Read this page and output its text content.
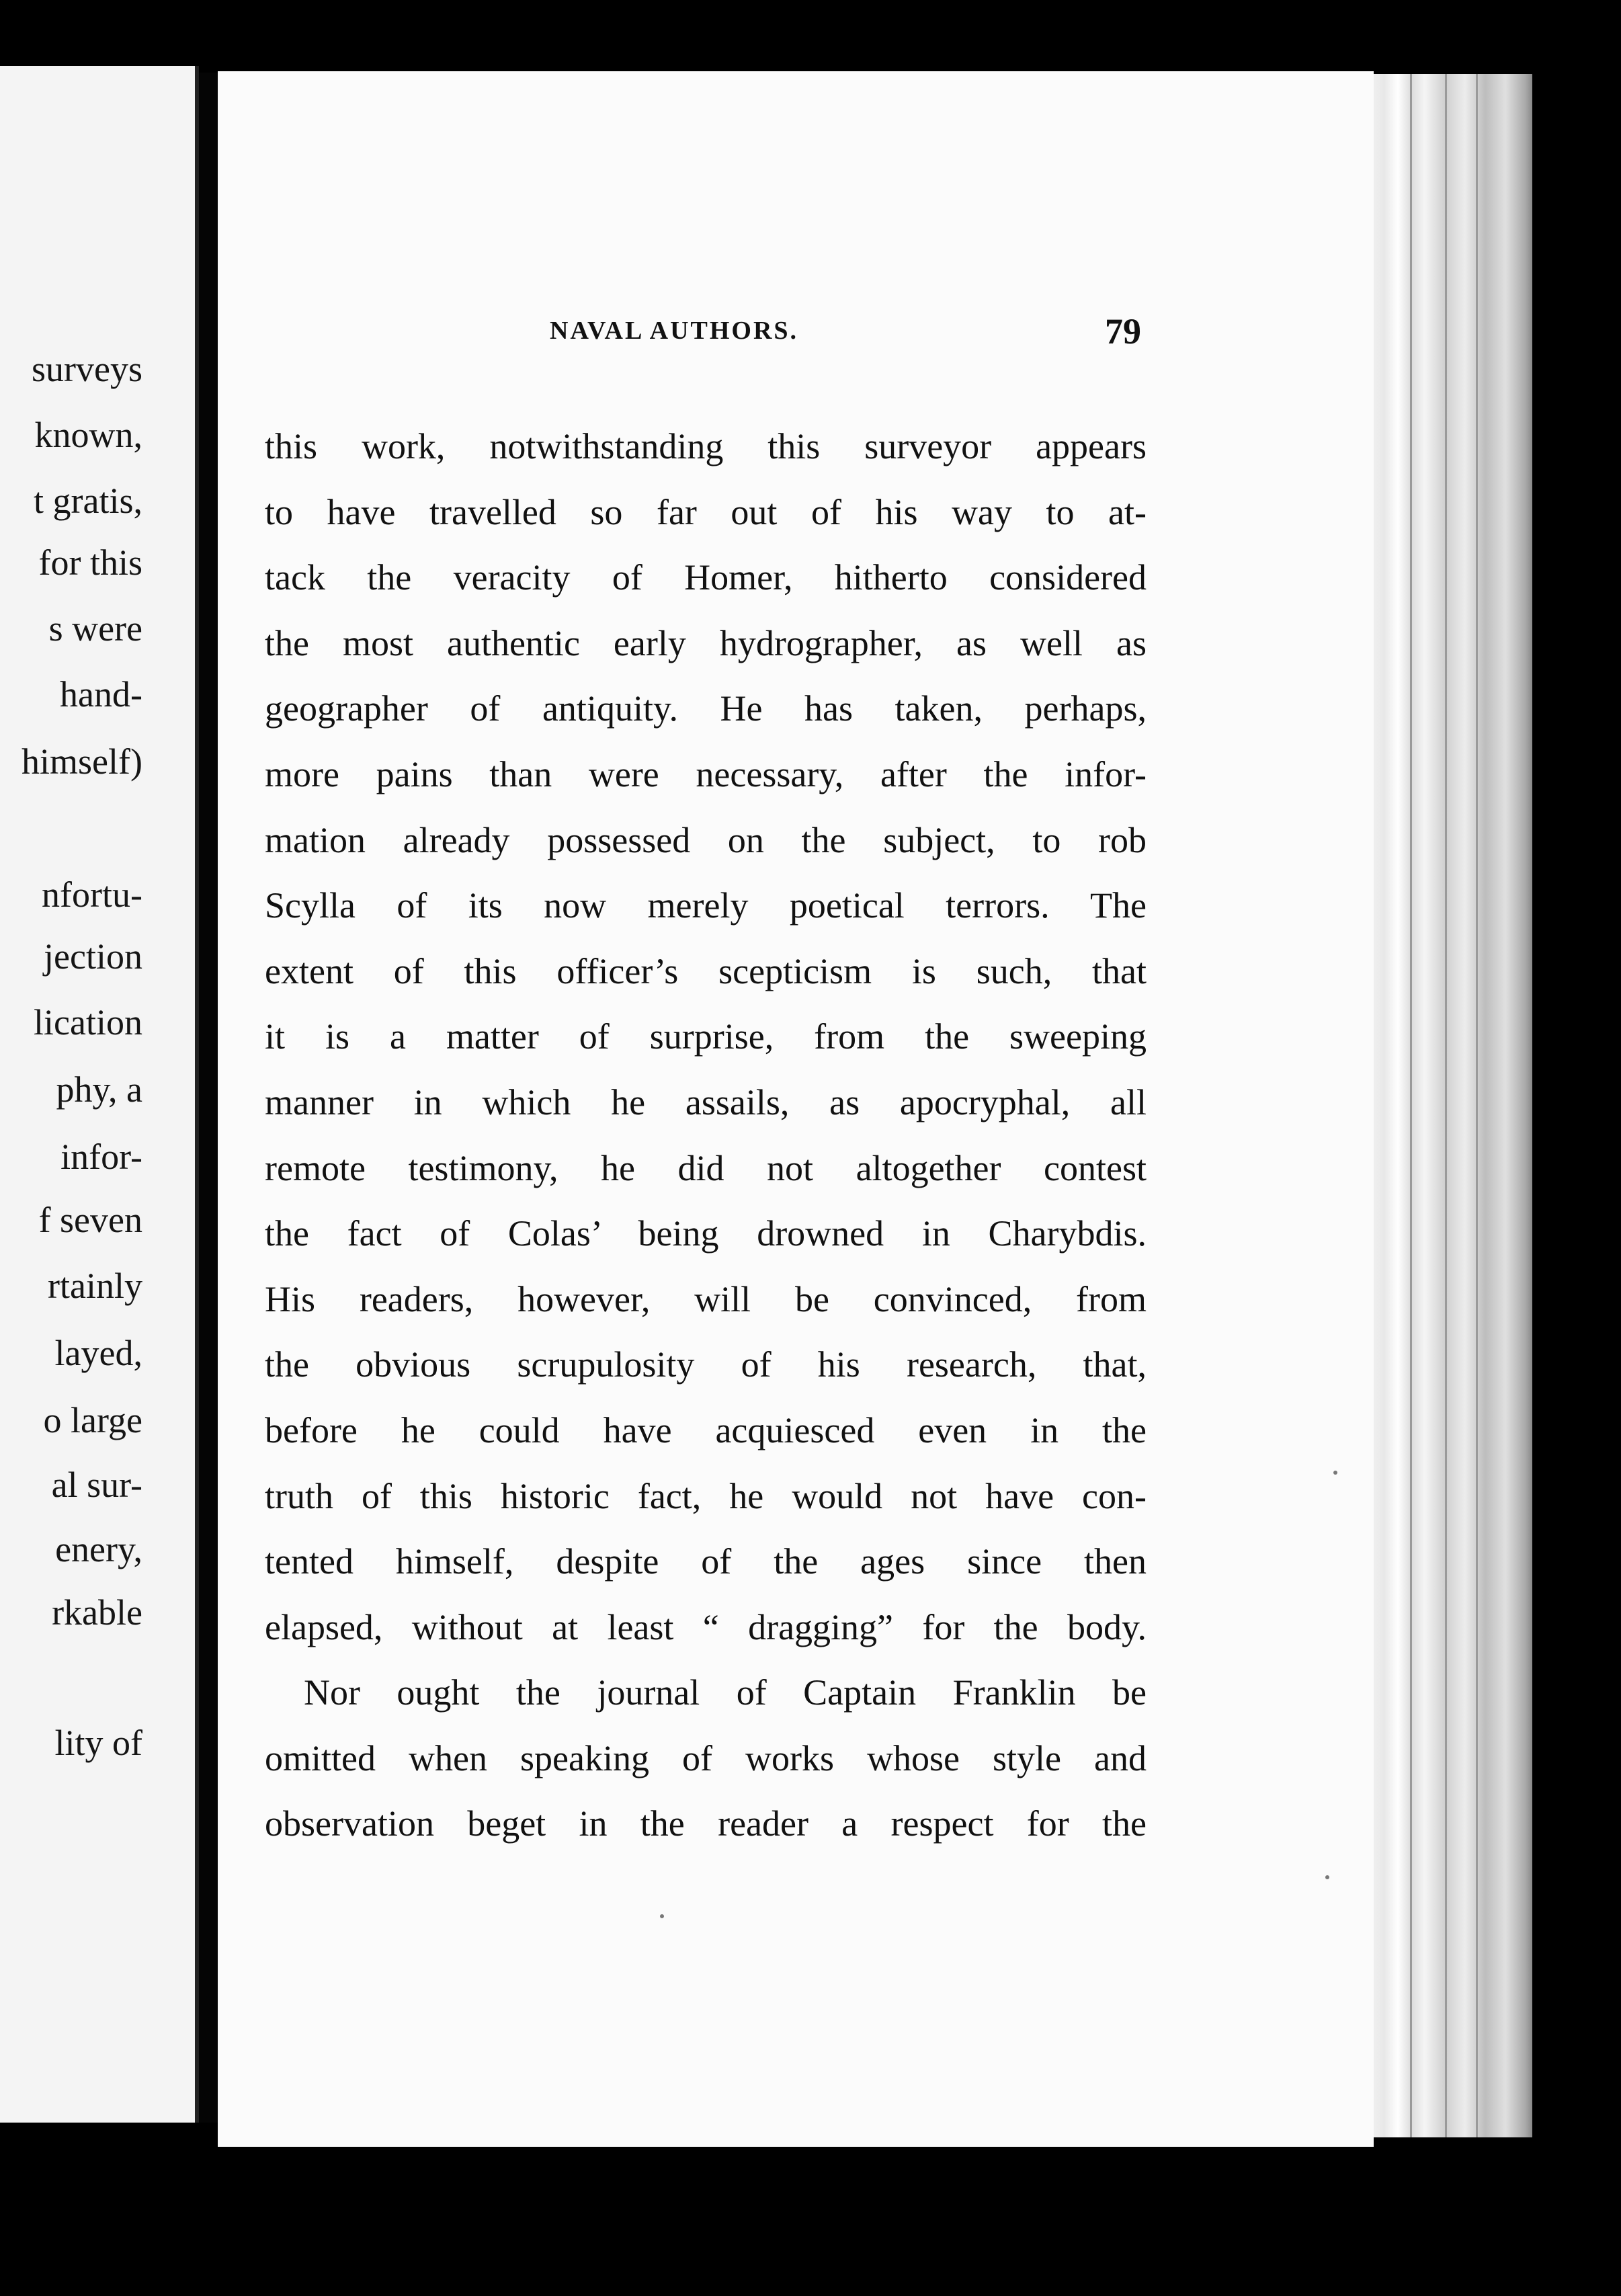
surveys
known,
t gratis,
for this
s were
hand-
himself)
nfortu-
jection
lication
phy, a
infor-
f seven
rtainly
layed,
o large
al sur-
enery,
rkable
lity of
NAVAL AUTHORS.	79
this work, notwithstanding this surveyor appears
to have travelled so far out of his way to at-
tack the veracity of Homer, hitherto considered
the most authentic early hydrographer, as well as
geographer of antiquity. He has taken, perhaps,
more pains than were necessary, after the infor-
mation already possessed on the subject, to rob
Scylla of its now merely poetical terrors. The
extent of this officer’s scepticism is such, that
it is a matter of surprise, from the sweeping
manner in which he assails, as apocryphal, all
remote testimony, he did not altogether contest
the fact of Colas’ being drowned in Charybdis.
His readers, however, will be convinced, from
the obvious scrupulosity of his research, that,
before he could have acquiesced even in the
truth of this historic fact, he would not have con-
tented himself, despite of the ages since then
elapsed, without at least “ dragging” for the body.
Nor ought the journal of Captain Franklin be
omitted when speaking of works whose style and
observation beget in the reader a respect for the
